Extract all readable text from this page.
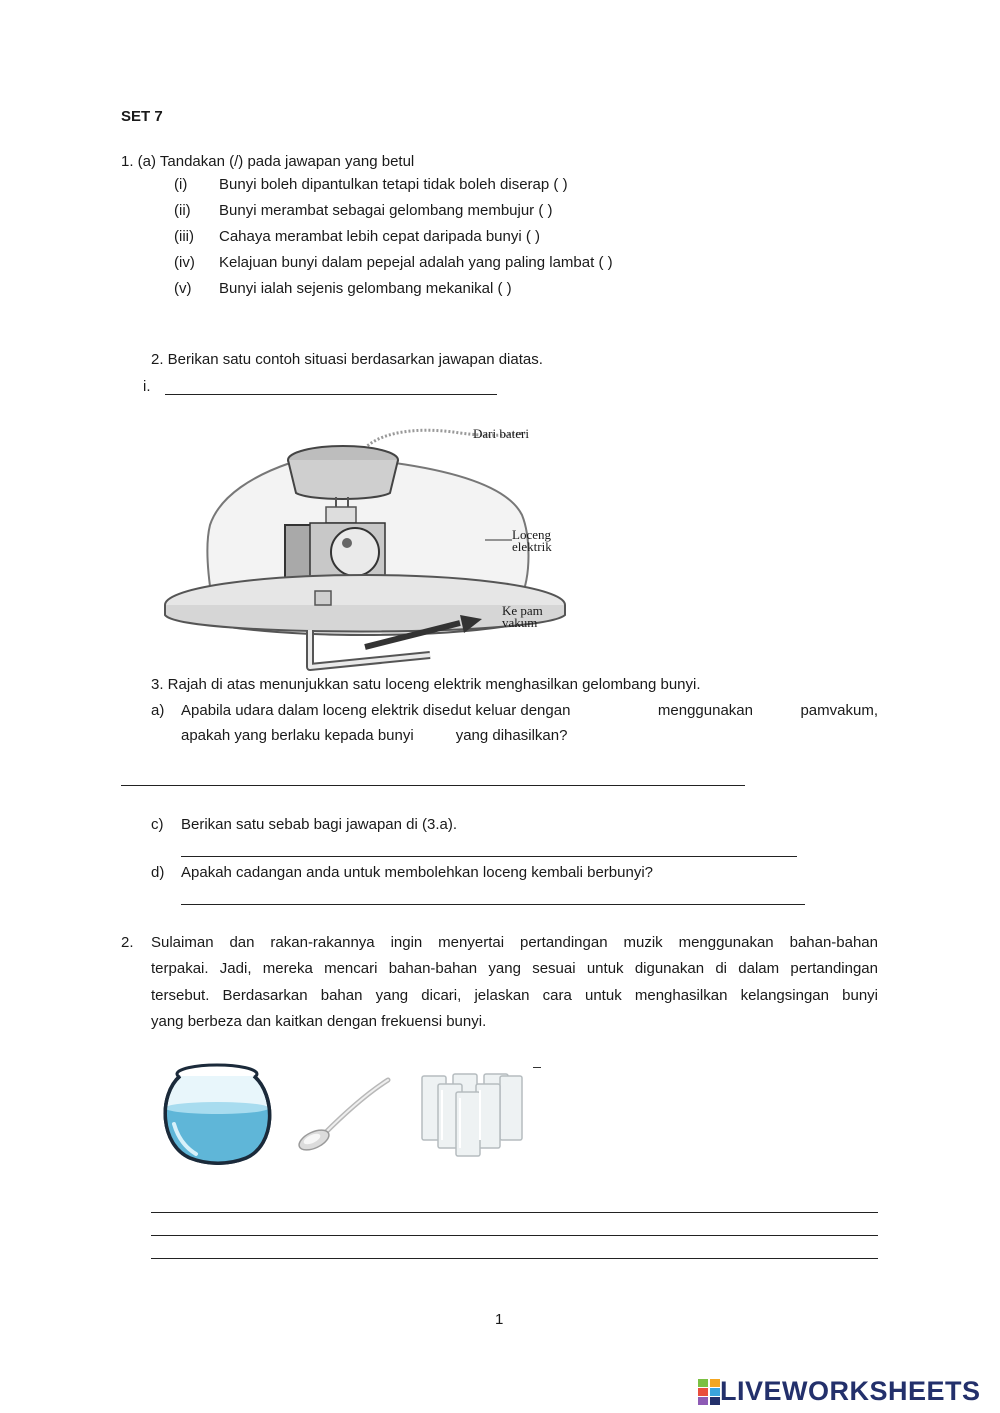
SET 7
1. (a) Tandakan (/) pada jawapan yang betul
(i) Bunyi boleh dipantulkan tetapi tidak boleh diserap ( )
(ii) Bunyi merambat sebagai gelombang membujur ( )
(iii) Cahaya merambat lebih cepat daripada bunyi ( )
(iv) Kelajuan bunyi dalam pepejal adalah yang paling lambat ( )
(v) Bunyi ialah sejenis gelombang mekanikal ( )
2. Berikan satu contoh situasi berdasarkan jawapan diatas.
i.
Dari bateri
Loceng
elektrik
Ke pam
vakum
3. Rajah di atas menunjukkan satu loceng elektrik menghasilkan gelombang bunyi.
a) Apabila udara dalam loceng elektrik disedut keluar dengan	menggunakan	pamvakum,
apakah yang berlaku kepada bunyi	yang dihasilkan?
c) Berikan satu sebab bagi jawapan di (3.a).
d) Apakah cadangan anda untuk membolehkan loceng kembali berbunyi?
2. Sulaiman dan rakan-rakannya ingin menyertai pertandingan muzik menggunakan bahan-bahan
terpakai. Jadi, mereka mencari bahan-bahan yang sesuai untuk digunakan di dalam pertandingan
tersebut. Berdasarkan bahan yang dicari, jelaskan cara untuk menghasilkan kelangsingan bunyi
yang berbeza dan kaitkan dengan frekuensi bunyi.
1
LIVEWORKSHEETS
